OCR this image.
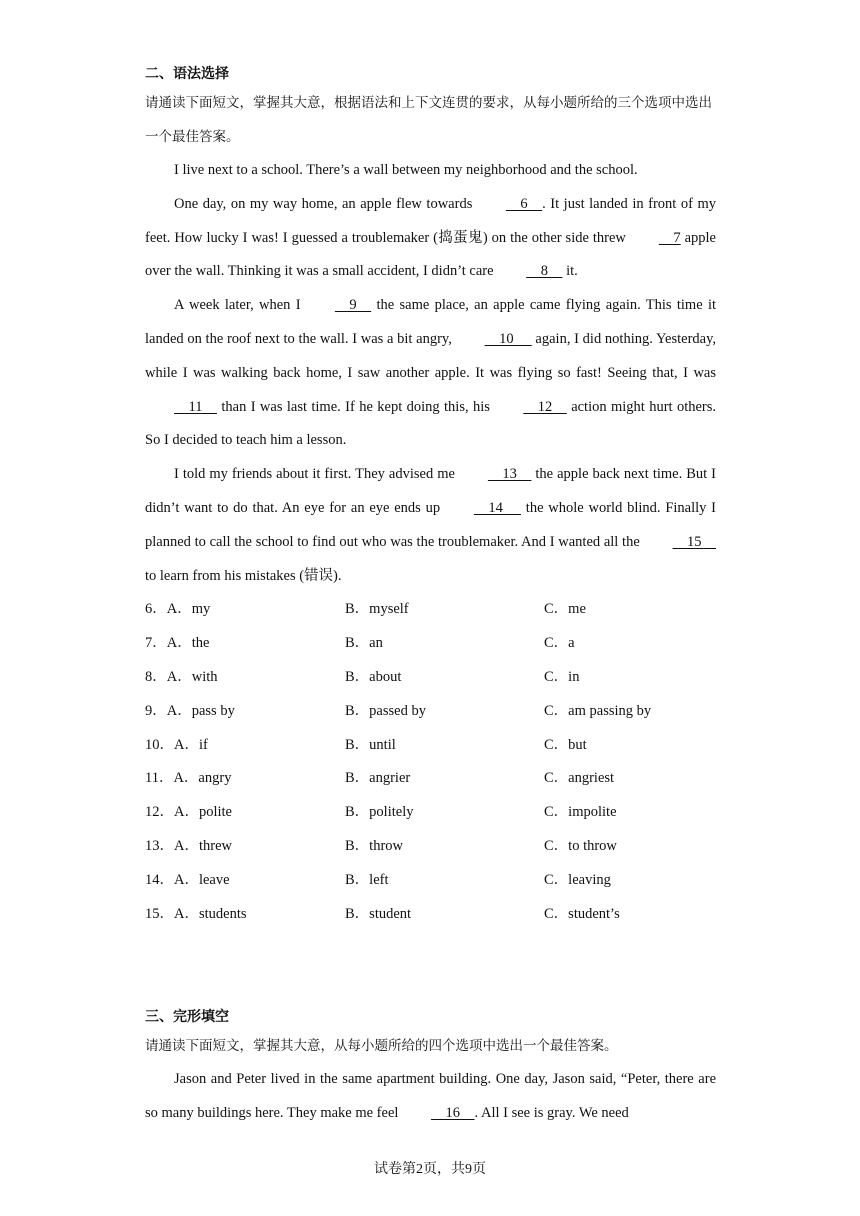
二、语法选择

请通读下面短文，掌握其大意，根据语法和上下文连贯的要求，从每小题所给的三个选项中选出一个最佳答案。

I live next to a school. There’s a wall between my neighborhood and the school.

One day, on my way home, an apple flew towards     6    . It just landed in front of my feet. How lucky I was! I guessed a troublemaker (捣蛋鬼) on the other side threw     7 apple over the wall. Thinking it was a small accident, I didn’t care     8     it.

A week later, when I     9     the same place, an apple came flying again. This time it landed on the roof next to the wall. I was a bit angry,     10      again, I did nothing. Yesterday, while I was walking back home, I saw another apple. It was flying so fast! Seeing that, I was     11     than I was last time. If he kept doing this, his     12     action might hurt others. So I decided to teach him a lesson.

I told my friends about it first. They advised me     13     the apple back next time. But I didn’t want to do that. An eye for an eye ends up     14      the whole world blind. Finally I planned to call the school to find out who was the troublemaker. And I wanted all the     15     to learn from his mistakes (错误).

6．A．my	B．myself	C．me
7．A．the	B．an	C．a
8．A．with	B．about	C．in
9．A．pass by	B．passed by	C．am passing by
10．A．if	B．until	C．but
11．A．angry	B．angrier	C．angriest
12．A．polite	B．politely	C．impolite
13．A．threw	B．throw	C．to throw
14．A．leave	B．left	C．leaving
15．A．students	B．student	C．student’s

三、完形填空

请通读下面短文，掌握其大意，从每小题所给的四个选项中选出一个最佳答案。

Jason and Peter lived in the same apartment building. One day, Jason said, “Peter, there are so many buildings here. They make me feel     16    . All I see is gray. We need

试卷第2页，共9页
